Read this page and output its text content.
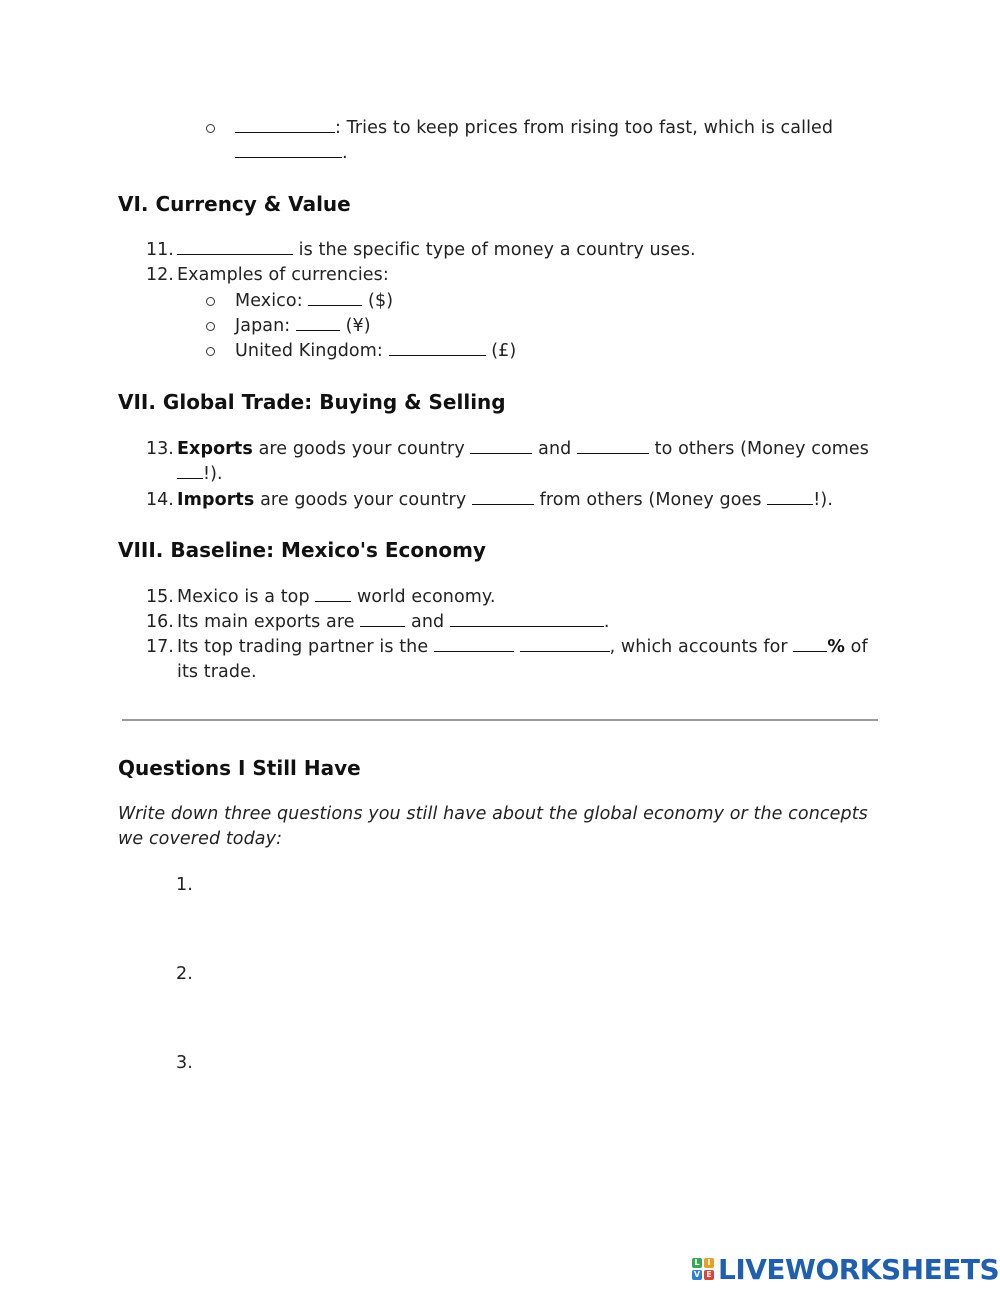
: Tries to keep prices from rising too fast, which is called
.
VI. Currency & Value
11.	is the specific type of money a country uses.
12. Examples of currencies:
Mexico:	($)
Japan:	(¥)
United Kingdom:	(£)
VII. Global Trade: Buying & Selling
13. Exports are goods your country	and	to others (Money comes
!).
14. Imports are goods your country	from others (Money goes	!).
VIII. Baseline: Mexico's Economy
15. Mexico is a top  world economy.
16. Its main exports are	and	.
17. Its top trading partner is the	, which accounts for % of
its trade.
Questions I Still Have
Write down three questions you still have about the global economy or the concepts
we covered today:
1.
2.
3.
L I
V E LIVEWORKSHEETS
